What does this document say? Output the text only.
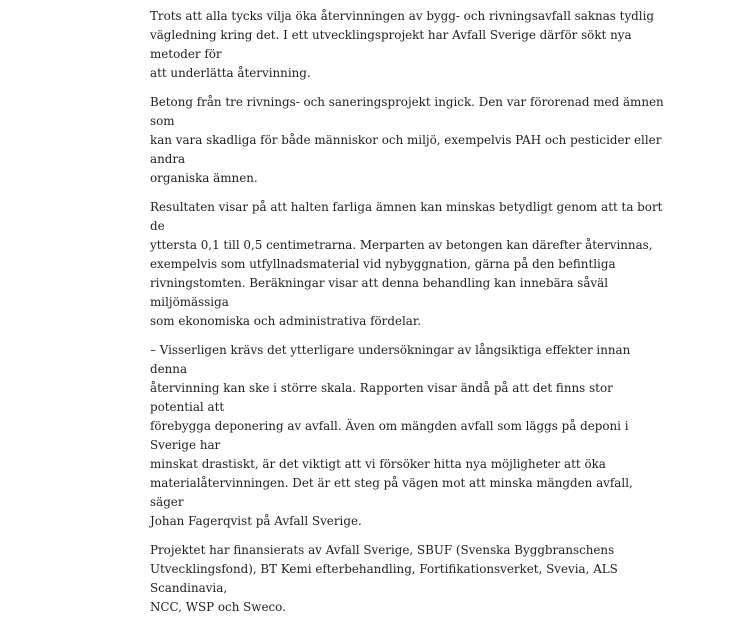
Trots att alla tycks vilja öka återvinningen av bygg- och rivningsavfall saknas tydlig
vägledning kring det. I ett utvecklingsprojekt har Avfall Sverige därför sökt nya metoder för
att underlätta återvinning.

Betong från tre rivnings- och saneringsprojekt ingick. Den var förorenad med ämnen som
kan vara skadliga för både människor och miljö, exempelvis PAH och pesticider eller andra
organiska ämnen.

Resultaten visar på att halten farliga ämnen kan minskas betydligt genom att ta bort de
yttersta 0,1 till 0,5 centimetrarna. Merparten av betongen kan därefter återvinnas,
exempelvis som utfyllnadsmaterial vid nybyggnation, gärna på den befintliga
rivningstomten. Beräkningar visar att denna behandling kan innebära såväl miljömässiga
som ekonomiska och administrativa fördelar.

– Visserligen krävs det ytterligare undersökningar av långsiktiga effekter innan denna
återvinning kan ske i större skala. Rapporten visar ändå på att det finns stor potential att
förebygga deponering av avfall. Även om mängden avfall som läggs på deponi i Sverige har
minskat drastiskt, är det viktigt att vi försöker hitta nya möjligheter att öka
materialåtervinningen. Det är ett steg på vägen mot att minska mängden avfall, säger
Johan Fagerqvist på Avfall Sverige.

Projektet har finansierats av Avfall Sverige, SBUF (Svenska Byggbranschens
Utvecklingsfond), BT Kemi efterbehandling, Fortifikationsverket, Svevia, ALS Scandinavia,
NCC, WSP och Sweco.
